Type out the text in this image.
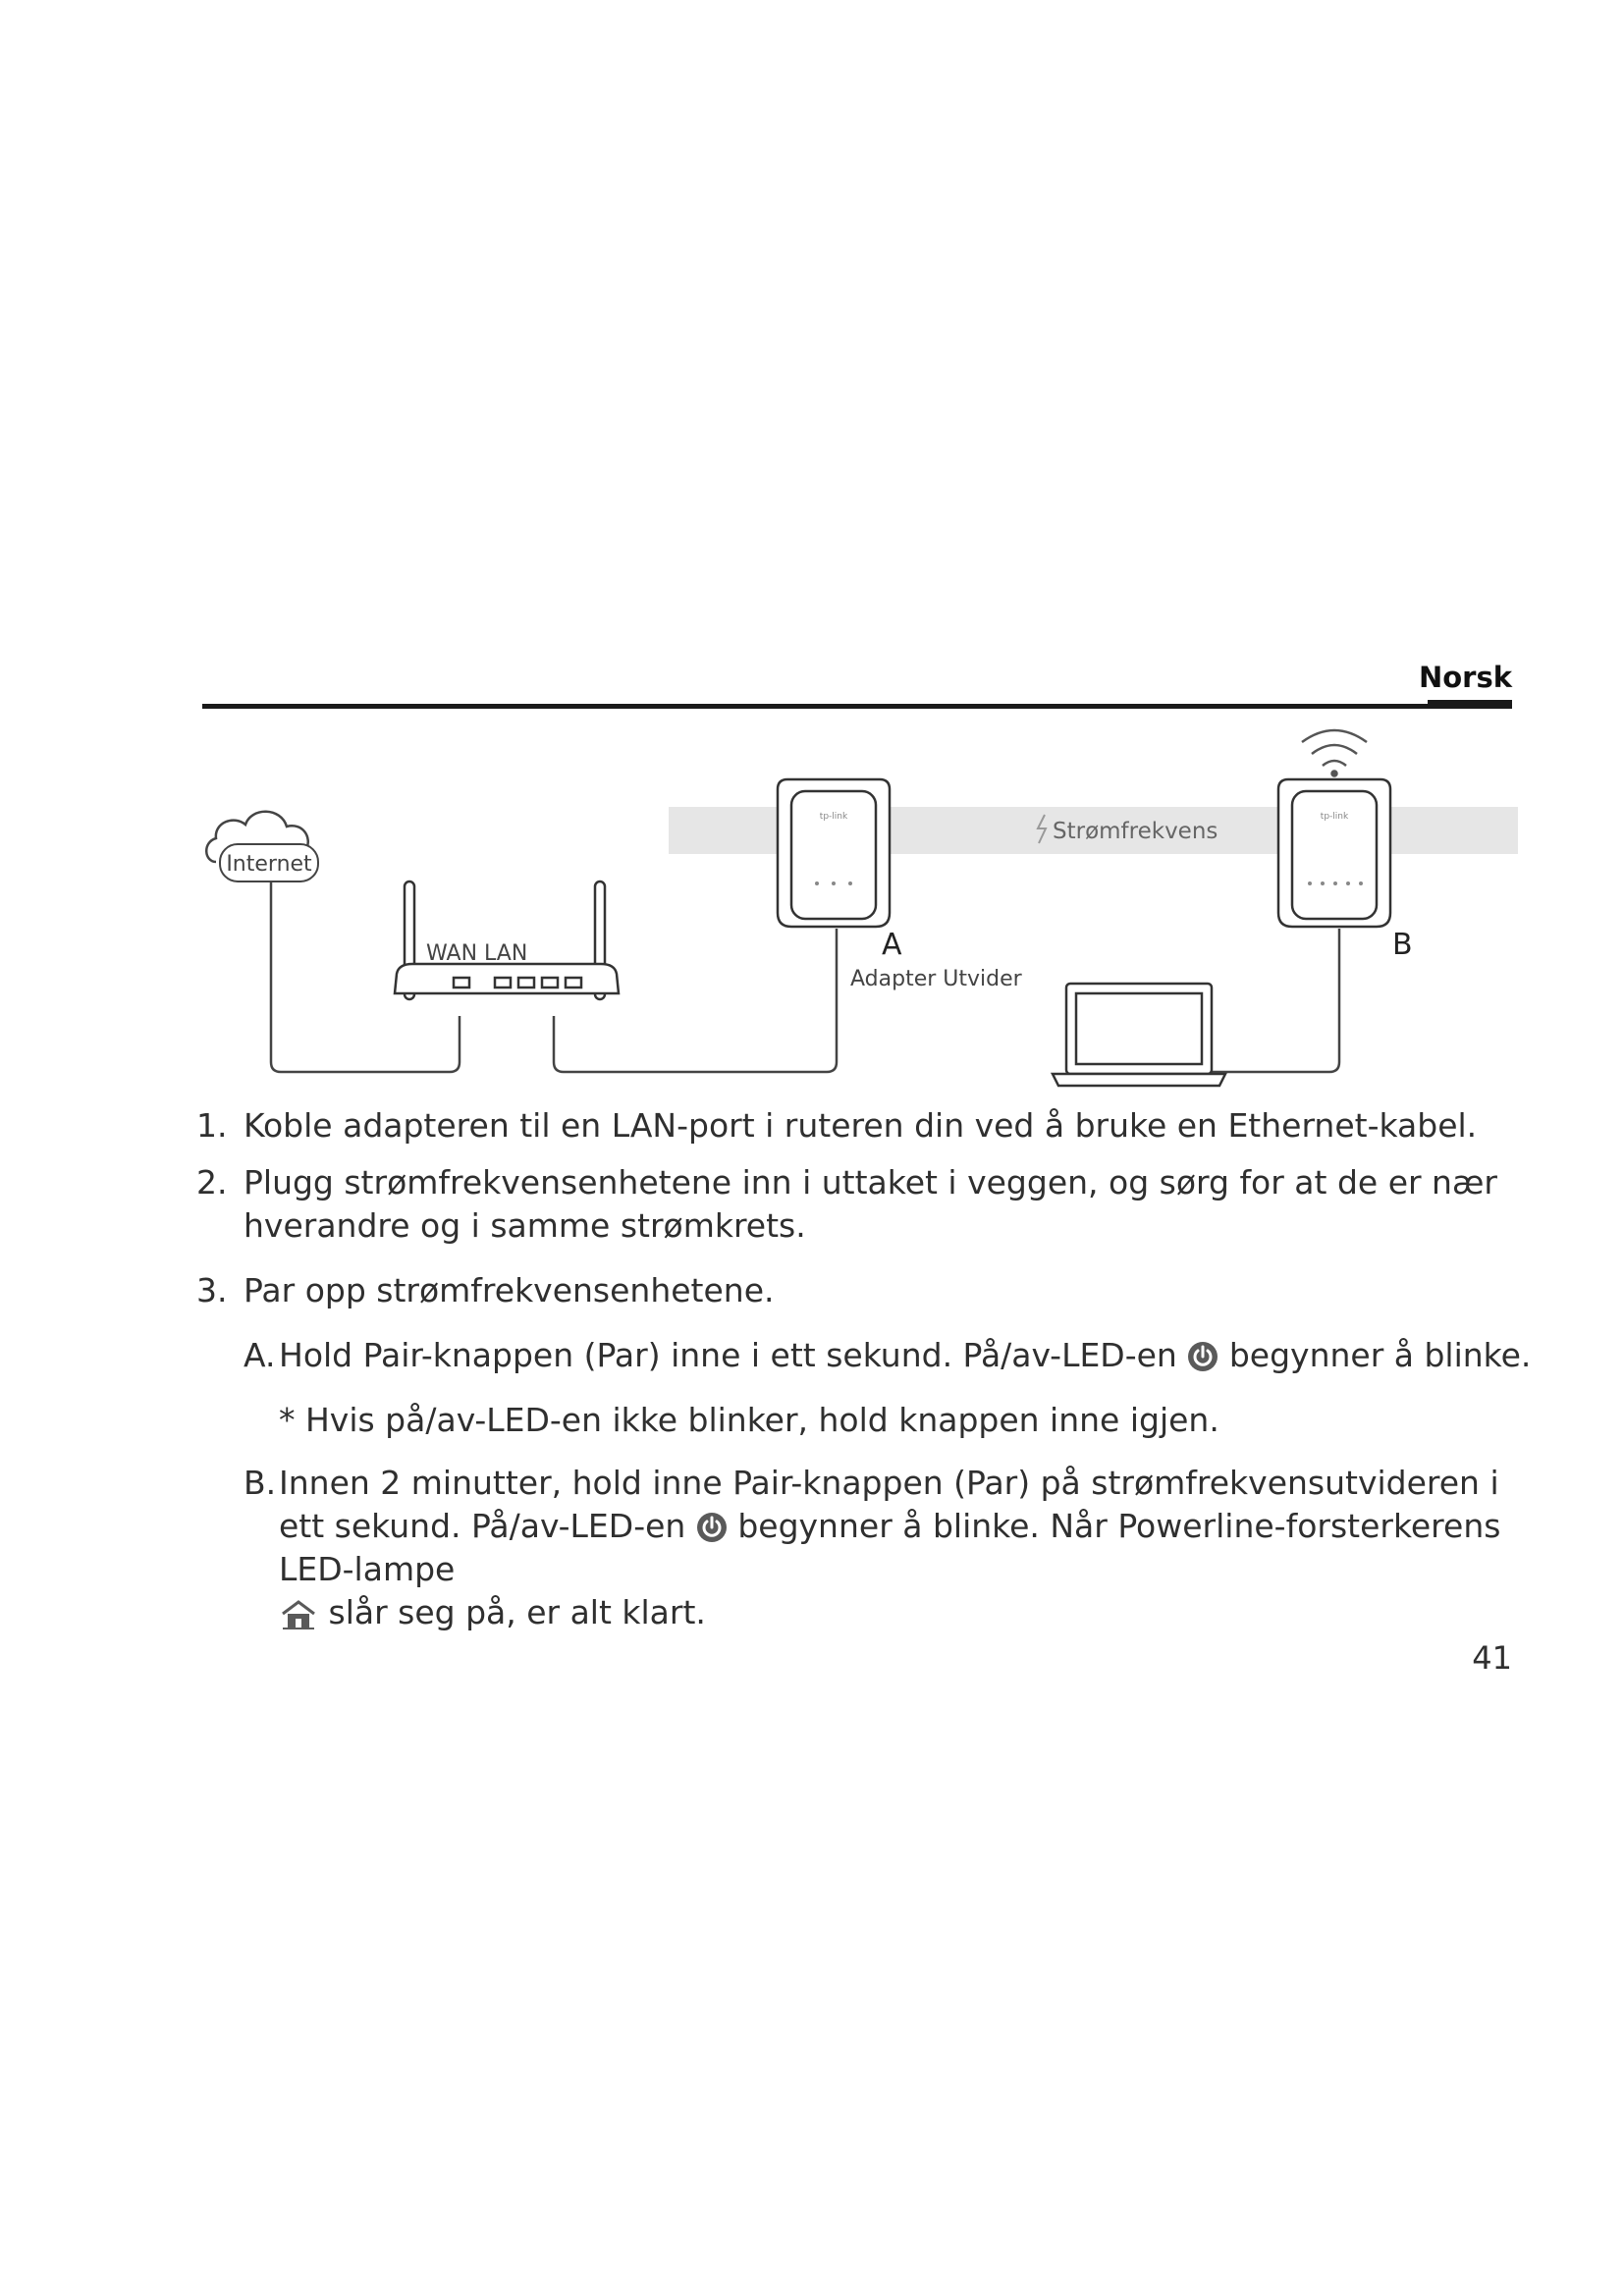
Norsk
Strømfrekvens
Internet
WAN LAN
tp-link
A
Adapter Utvider
tp-link
B
1. Koble adapteren til en LAN-port i ruteren din ved å bruke en Ethernet-kabel.
2. Plugg strømfrekvensenhetene inn i uttaket i veggen, og sørg for at de er nær hverandre og i samme strømkrets.
3. Par opp strømfrekvensenhetene.
A. Hold Pair-knappen (Par) inne i ett sekund. På/av-LED-en begynner å blinke.
* Hvis på/av-LED-en ikke blinker, hold knappen inne igjen.
B. Innen 2 minutter, hold inne Pair-knappen (Par) på strømfrekvensutvideren i ett sekund. På/av-LED-en begynner å blinke. Når Powerline-forsterkerens LED-lampe
slår seg på, er alt klart.
41
